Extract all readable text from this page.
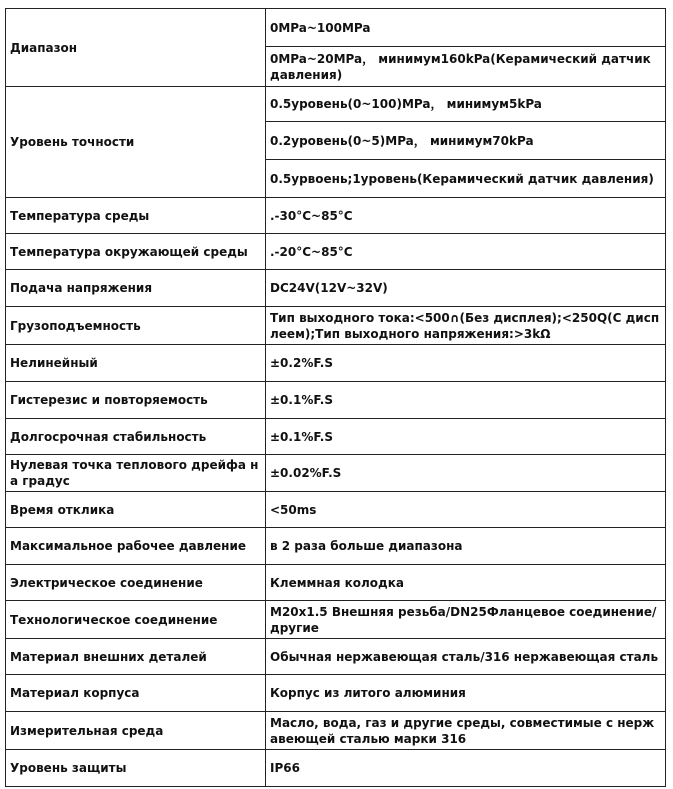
Диапазон	0MPa~100MPa

	0MPa~20MPa， минимум160kPa(Керамический датчик давления)

Уровень точности	0.5уровень(0~100)MPa， минимум5kPa

	0.2уровень(0~5)MPa， минимум70kPa

	0.5урвоень;1уровень(Керамический датчик давления)

Температура среды	.-30°C~85°C

Температура окружающей среды	.-20°C~85°C

Подача напряжения	DC24V(12V~32V)

Грузоподъемность	Тип выходного тока:<500∩(Без дисплея);<250Q(С дисплеем);Тип выходного напряжения:>3kΩ

Нелинейный	±0.2%F.S

Гистерезис и повторяемость	±0.1%F.S

Долгосрочная стабильность	±0.1%F.S

Нулевая точка теплового дрейфа на градус	±0.02%F.S

Время отклика	<50ms

Максимальное рабочее давление	в 2 раза больше диапазона

Электрическое соединение	Клеммная колодка

Технологическое соединение	M20x1.5 Внешняя резьба/DN25Фланцевое соединение/другие

Материал внешних деталей	Обычная нержавеющая сталь/316 нержавеющая сталь

Материал корпуса	Корпус из литого алюминия

Измерительная среда	Масло, вода, газ и другие среды, совместимые с нержавеющей сталью марки 316

Уровень защиты	IP66
